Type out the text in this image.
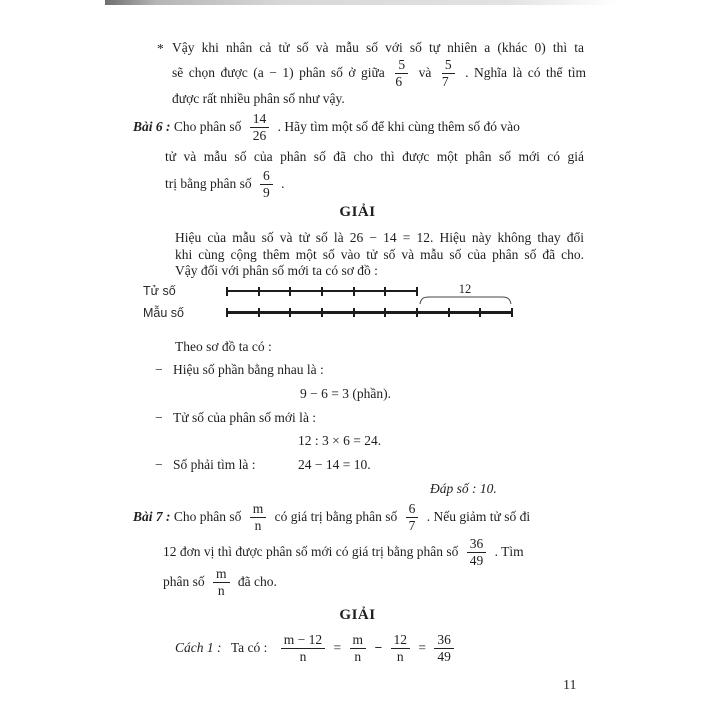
* Vậy khi nhân cả tử số và mẫu số với số tự nhiên a (khác 0) thì ta
sẽ chọn được (a − 1) phân số ở giữa $\frac{5}{6}$ và $\frac{5}{7}$ . Nghĩa là có thể tìm
được rất nhiều phân số như vậy.
Bài 6 : Cho phân số $\frac{14}{26}$ . Hãy tìm một số để khi cùng thêm số đó vào
tử và mẫu số của phân số đã cho thì được một phân số mới có giá
trị bằng phân số $\frac{6}{9}$ .
GIẢI
Hiệu của mẫu số và tử số là 26 − 14 = 12. Hiệu này không thay đổi
khi cùng cộng thêm một số vào tử số và mẫu số của phân số đã cho.
Vậy đối với phân số mới ta có sơ đồ :
Tử số	12
Mẫu số
Theo sơ đồ ta có :
− Hiệu số phần bằng nhau là :
9 − 6 = 3 (phần).
− Tử số của phân số mới là :
12 : 3 × 6 = 24.
− Số phải tìm là :	24 − 14 = 10.
Đáp số : 10.
Bài 7 : Cho phân số $\frac{m}{n}$ có giá trị bằng phân số $\frac{6}{7}$ . Nếu giảm tử số đi
12 đơn vị thì được phân số mới có giá trị bằng phân số $\frac{36}{49}$ . Tìm
phân số $\frac{m}{n}$ đã cho.
GIẢI
Cách 1 : Ta có : $\frac{m - 12}{n} = \frac{m}{n} - \frac{12}{n} = \frac{36}{49}$
11
